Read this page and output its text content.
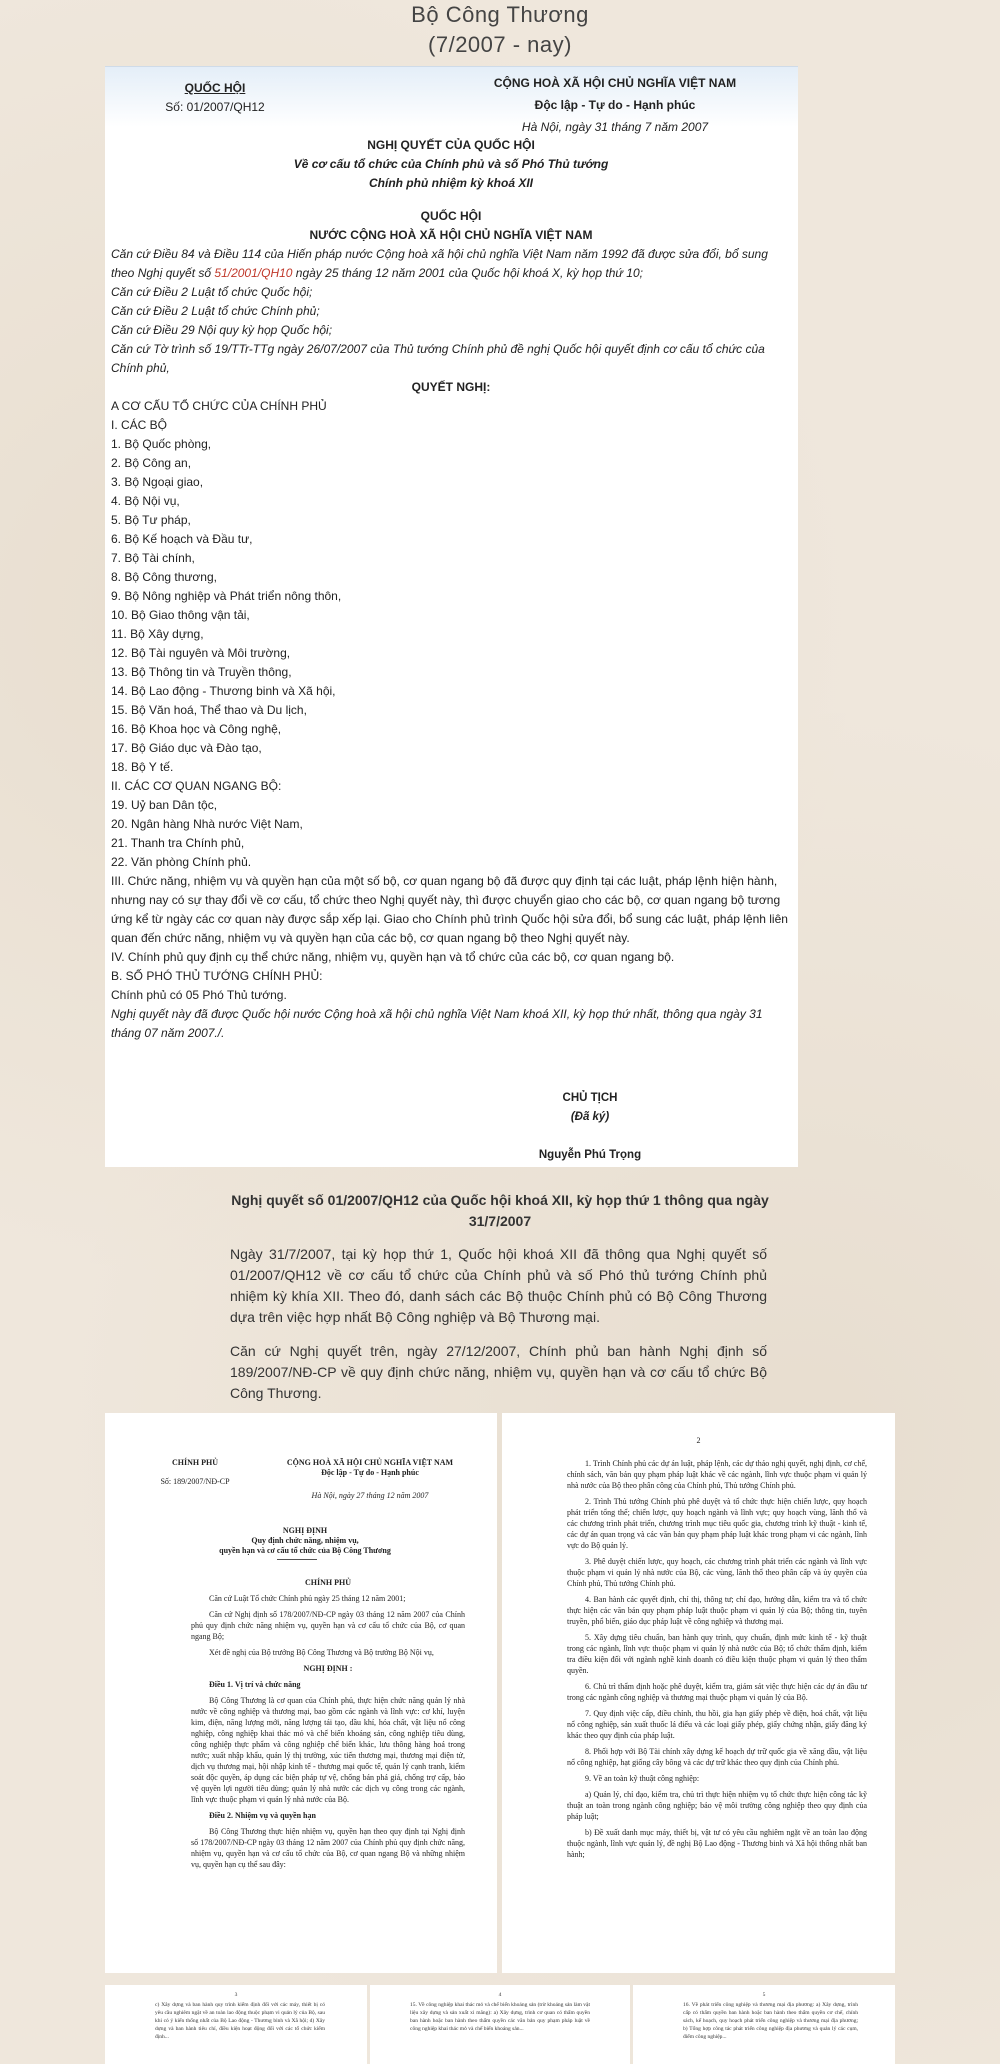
Bộ Công Thương
(7/2007 - nay)
QUỐC HỘI
Số: 01/2007/QH12
CỘNG HOÀ XÃ HỘI CHỦ NGHĨA VIỆT NAM
Độc lập - Tự do - Hạnh phúc
Hà Nội, ngày 31 tháng 7 năm 2007

NGHỊ QUYẾT CỦA QUỐC HỘI

Về cơ cấu tổ chức của Chính phủ và số Phó Thủ tướng

Chính phủ nhiệm kỳ khoá XII

QUỐC HỘI

NƯỚC CỘNG HOÀ XÃ HỘI CHỦ NGHĨA VIỆT NAM

Căn cứ Điều 84 và Điều 114 của Hiến pháp nước Cộng hoà xã hội chủ nghĩa Việt Nam năm 1992 đã được sửa đổi, bổ sung theo Nghị quyết số 51/2001/QH10 ngày 25 tháng 12 năm 2001 của Quốc hội khoá X, kỳ họp thứ 10;

Căn cứ Điều 2 Luật tổ chức Quốc hội;

Căn cứ Điều 2 Luật tổ chức Chính phủ;

Căn cứ Điều 29 Nội quy kỳ họp Quốc hội;

Căn cứ Tờ trình số 19/TTr-TTg ngày 26/07/2007 của Thủ tướng Chính phủ đề nghị Quốc hội quyết định cơ cấu tổ chức của Chính phủ,

QUYẾT NGHỊ:

A CƠ CẤU TỔ CHỨC CỦA CHÍNH PHỦ

I. CÁC BỘ

1. Bộ Quốc phòng,

2. Bộ Công an,

3. Bộ Ngoại giao,

4. Bộ Nội vụ,

5. Bộ Tư pháp,

6. Bộ Kế hoạch và Đầu tư,

7. Bộ Tài chính,

8. Bộ Công thương,

9. Bộ Nông nghiệp và Phát triển nông thôn,

10. Bộ Giao thông vận tải,

11. Bộ Xây dựng,

12. Bộ Tài nguyên và Môi trường,

13. Bộ Thông tin và Truyền thông,

14. Bộ Lao động - Thương binh và Xã hội,

15. Bộ Văn hoá, Thể thao và Du lịch,

16. Bộ Khoa học và Công nghệ,

17. Bộ Giáo dục và Đào tạo,

18. Bộ Y tế.

II. CÁC CƠ QUAN NGANG BỘ:

19. Uỷ ban Dân tộc,

20. Ngân hàng Nhà nước Việt Nam,

21. Thanh tra Chính phủ,

22. Văn phòng Chính phủ.

III. Chức năng, nhiệm vụ và quyền hạn của một số bộ, cơ quan ngang bộ đã được quy định tại các luật, pháp lệnh hiện hành, nhưng nay có sự thay đổi về cơ cấu, tổ chức theo Nghị quyết này, thì được chuyển giao cho các bộ, cơ quan ngang bộ tương ứng kể từ ngày các cơ quan này được sắp xếp lại. Giao cho Chính phủ trình Quốc hội sửa đổi, bổ sung các luật, pháp lệnh liên quan đến chức năng, nhiệm vụ và quyền hạn của các bộ, cơ quan ngang bộ theo Nghị quyết này.

IV. Chính phủ quy định cụ thể chức năng, nhiệm vụ, quyền hạn và tổ chức của các bộ, cơ quan ngang bộ.

B. SỐ PHÓ THỦ TƯỚNG CHÍNH PHỦ:

Chính phủ có 05 Phó Thủ tướng.

Nghị quyết này đã được Quốc hội nước Cộng hoà xã hội chủ nghĩa Việt Nam khoá XII, kỳ họp thứ nhất, thông qua ngày 31 tháng 07 năm 2007./.

CHỦ TỊCH
(Đã ký)
Nguyễn Phú Trọng
Nghị quyết số 01/2007/QH12 của Quốc hội khoá XII, kỳ họp thứ 1 thông qua ngày 31/7/2007

Ngày 31/7/2007, tại kỳ họp thứ 1, Quốc hội khoá XII đã thông qua Nghị quyết số 01/2007/QH12 về cơ cấu tổ chức của Chính phủ và số Phó thủ tướng Chính phủ nhiệm kỳ khía XII. Theo đó, danh sách các Bộ thuộc Chính phủ có Bộ Công Thương dựa trên việc hợp nhất Bộ Công nghiệp và Bộ Thương mại.

Căn cứ Nghị quyết trên, ngày 27/12/2007, Chính phủ ban hành Nghị định số 189/2007/NĐ-CP về quy định chức năng, nhiệm vụ, quyền hạn và cơ cấu tổ chức Bộ Công Thương.

CHÍNH PHỦ
Số: 189/2007/NĐ-CP
CỘNG HOÀ XÃ HỘI CHỦ NGHĨA VIỆT NAM
Độc lập - Tự do - Hạnh phúc
Hà Nội, ngày 27 tháng 12 năm 2007
NGHỊ ĐỊNH
Quy định chức năng, nhiệm vụ,
quyền hạn và cơ cấu tổ chức của Bộ Công Thương

CHÍNH PHỦ

Căn cứ Luật Tổ chức Chính phủ ngày 25 tháng 12 năm 2001;

Căn cứ Nghị định số 178/2007/NĐ-CP ngày 03 tháng 12 năm 2007 của Chính phủ quy định chức năng nhiệm vụ, quyền hạn và cơ cấu tổ chức của Bộ, cơ quan ngang Bộ;

Xét đề nghị của Bộ trưởng Bộ Công Thương và Bộ trưởng Bộ Nội vụ,

NGHỊ ĐỊNH :

Điều 1. Vị trí và chức năng

Bộ Công Thương là cơ quan của Chính phủ, thực hiện chức năng quản lý nhà nước về công nghiệp và thương mại, bao gồm các ngành và lĩnh vực: cơ khí, luyện kim, điện, năng lượng mới, năng lượng tái tạo, dầu khí, hóa chất, vật liệu nổ công nghiệp, công nghiệp khai thác mỏ và chế biến khoáng sản, công nghiệp tiêu dùng, công nghiệp thực phẩm và công nghiệp chế biến khác, lưu thông hàng hoá trong nước; xuất nhập khẩu, quản lý thị trường, xúc tiến thương mại, thương mại điện tử, dịch vụ thương mại, hội nhập kinh tế - thương mại quốc tế, quản lý cạnh tranh, kiểm soát độc quyền, áp dụng các biện pháp tự vệ, chống bán phá giá, chống trợ cấp, bảo vệ quyền lợi người tiêu dùng; quản lý nhà nước các dịch vụ công trong các ngành, lĩnh vực thuộc phạm vi quản lý nhà nước của Bộ.

Điều 2. Nhiệm vụ và quyền hạn

Bộ Công Thương thực hiện nhiệm vụ, quyền hạn theo quy định tại Nghị định số 178/2007/NĐ-CP ngày 03 tháng 12 năm 2007 của Chính phủ quy định chức năng, nhiệm vụ, quyền hạn và cơ cấu tổ chức của Bộ, cơ quan ngang Bộ và những nhiệm vụ, quyền hạn cụ thể sau đây:

2

1. Trình Chính phủ các dự án luật, pháp lệnh, các dự thảo nghị quyết, nghị định, cơ chế, chính sách, văn bản quy phạm pháp luật khác về các ngành, lĩnh vực thuộc phạm vi quản lý nhà nước của Bộ theo phân công của Chính phủ, Thủ tướng Chính phủ.

2. Trình Thủ tướng Chính phủ phê duyệt và tổ chức thực hiện chiến lược, quy hoạch phát triển tổng thể; chiến lược, quy hoạch ngành và lĩnh vực; quy hoạch vùng, lãnh thổ và các chương trình phát triển, chương trình mục tiêu quốc gia, chương trình kỹ thuật - kinh tế, các dự án quan trọng và các văn bản quy phạm pháp luật khác trong phạm vi các ngành, lĩnh vực do Bộ quản lý.

3. Phê duyệt chiến lược, quy hoạch, các chương trình phát triển các ngành và lĩnh vực thuộc phạm vi quản lý nhà nước của Bộ, các vùng, lãnh thổ theo phân cấp và ủy quyền của Chính phủ, Thủ tướng Chính phủ.

4. Ban hành các quyết định, chỉ thị, thông tư; chỉ đạo, hướng dẫn, kiểm tra và tổ chức thực hiện các văn bản quy phạm pháp luật thuộc phạm vi quản lý của Bộ; thông tin, tuyên truyền, phổ biến, giáo dục pháp luật về công nghiệp và thương mại.

5. Xây dựng tiêu chuẩn, ban hành quy trình, quy chuẩn, định mức kinh tế - kỹ thuật trong các ngành, lĩnh vực thuộc phạm vi quản lý nhà nước của Bộ; tổ chức thẩm định, kiểm tra điều kiện đối với ngành nghề kinh doanh có điều kiện thuộc phạm vi quản lý theo thẩm quyền.

6. Chủ trì thẩm định hoặc phê duyệt, kiểm tra, giám sát việc thực hiện các dự án đầu tư trong các ngành công nghiệp và thương mại thuộc phạm vi quản lý của Bộ.

7. Quy định việc cấp, điều chỉnh, thu hồi, gia hạn giấy phép về điện, hoá chất, vật liệu nổ công nghiệp, sản xuất thuốc lá điếu và các loại giấy phép, giấy chứng nhận, giấy đăng ký khác theo quy định của pháp luật.

8. Phối hợp với Bộ Tài chính xây dựng kế hoạch dự trữ quốc gia về xăng dầu, vật liệu nổ công nghiệp, hạt giống cây bông và các dự trữ khác theo quy định của Chính phủ.

9. Về an toàn kỹ thuật công nghiệp:

a) Quản lý, chỉ đạo, kiểm tra, chủ trì thực hiện nhiệm vụ tổ chức thực hiện công tác kỹ thuật an toàn trong ngành công nghiệp; bảo vệ môi trường công nghiệp theo quy định của pháp luật;

b) Đề xuất danh mục máy, thiết bị, vật tư có yêu cầu nghiêm ngặt về an toàn lao động thuộc ngành, lĩnh vực quản lý, đề nghị Bộ Lao động - Thương binh và Xã hội thống nhất ban hành;

3
c) Xây dựng và ban hành quy trình kiểm định đối với các máy, thiết bị có yêu cầu nghiêm ngặt về an toàn lao động thuộc phạm vi quản lý của Bộ, sau khi có ý kiến thống nhất của Bộ Lao động - Thương binh và Xã hội; d) Xây dựng và ban hành tiêu chí, điều kiện hoạt động đối với các tổ chức kiểm định...
4
15. Về công nghiệp khai thác mỏ và chế biến khoáng sản (trừ khoáng sản làm vật liệu xây dựng và sản xuất xi măng): a) Xây dựng, trình cơ quan có thẩm quyền ban hành hoặc ban hành theo thẩm quyền các văn bản quy phạm pháp luật về công nghiệp khai thác mỏ và chế biến khoáng sản...
5
16. Về phát triển công nghiệp và thương mại địa phương: a) Xây dựng, trình cấp có thẩm quyền ban hành hoặc ban hành theo thẩm quyền cơ chế, chính sách, kế hoạch, quy hoạch phát triển công nghiệp và thương mại địa phương; b) Tổng hợp công tác phát triển công nghiệp địa phương và quản lý các cụm, điểm công nghiệp...
